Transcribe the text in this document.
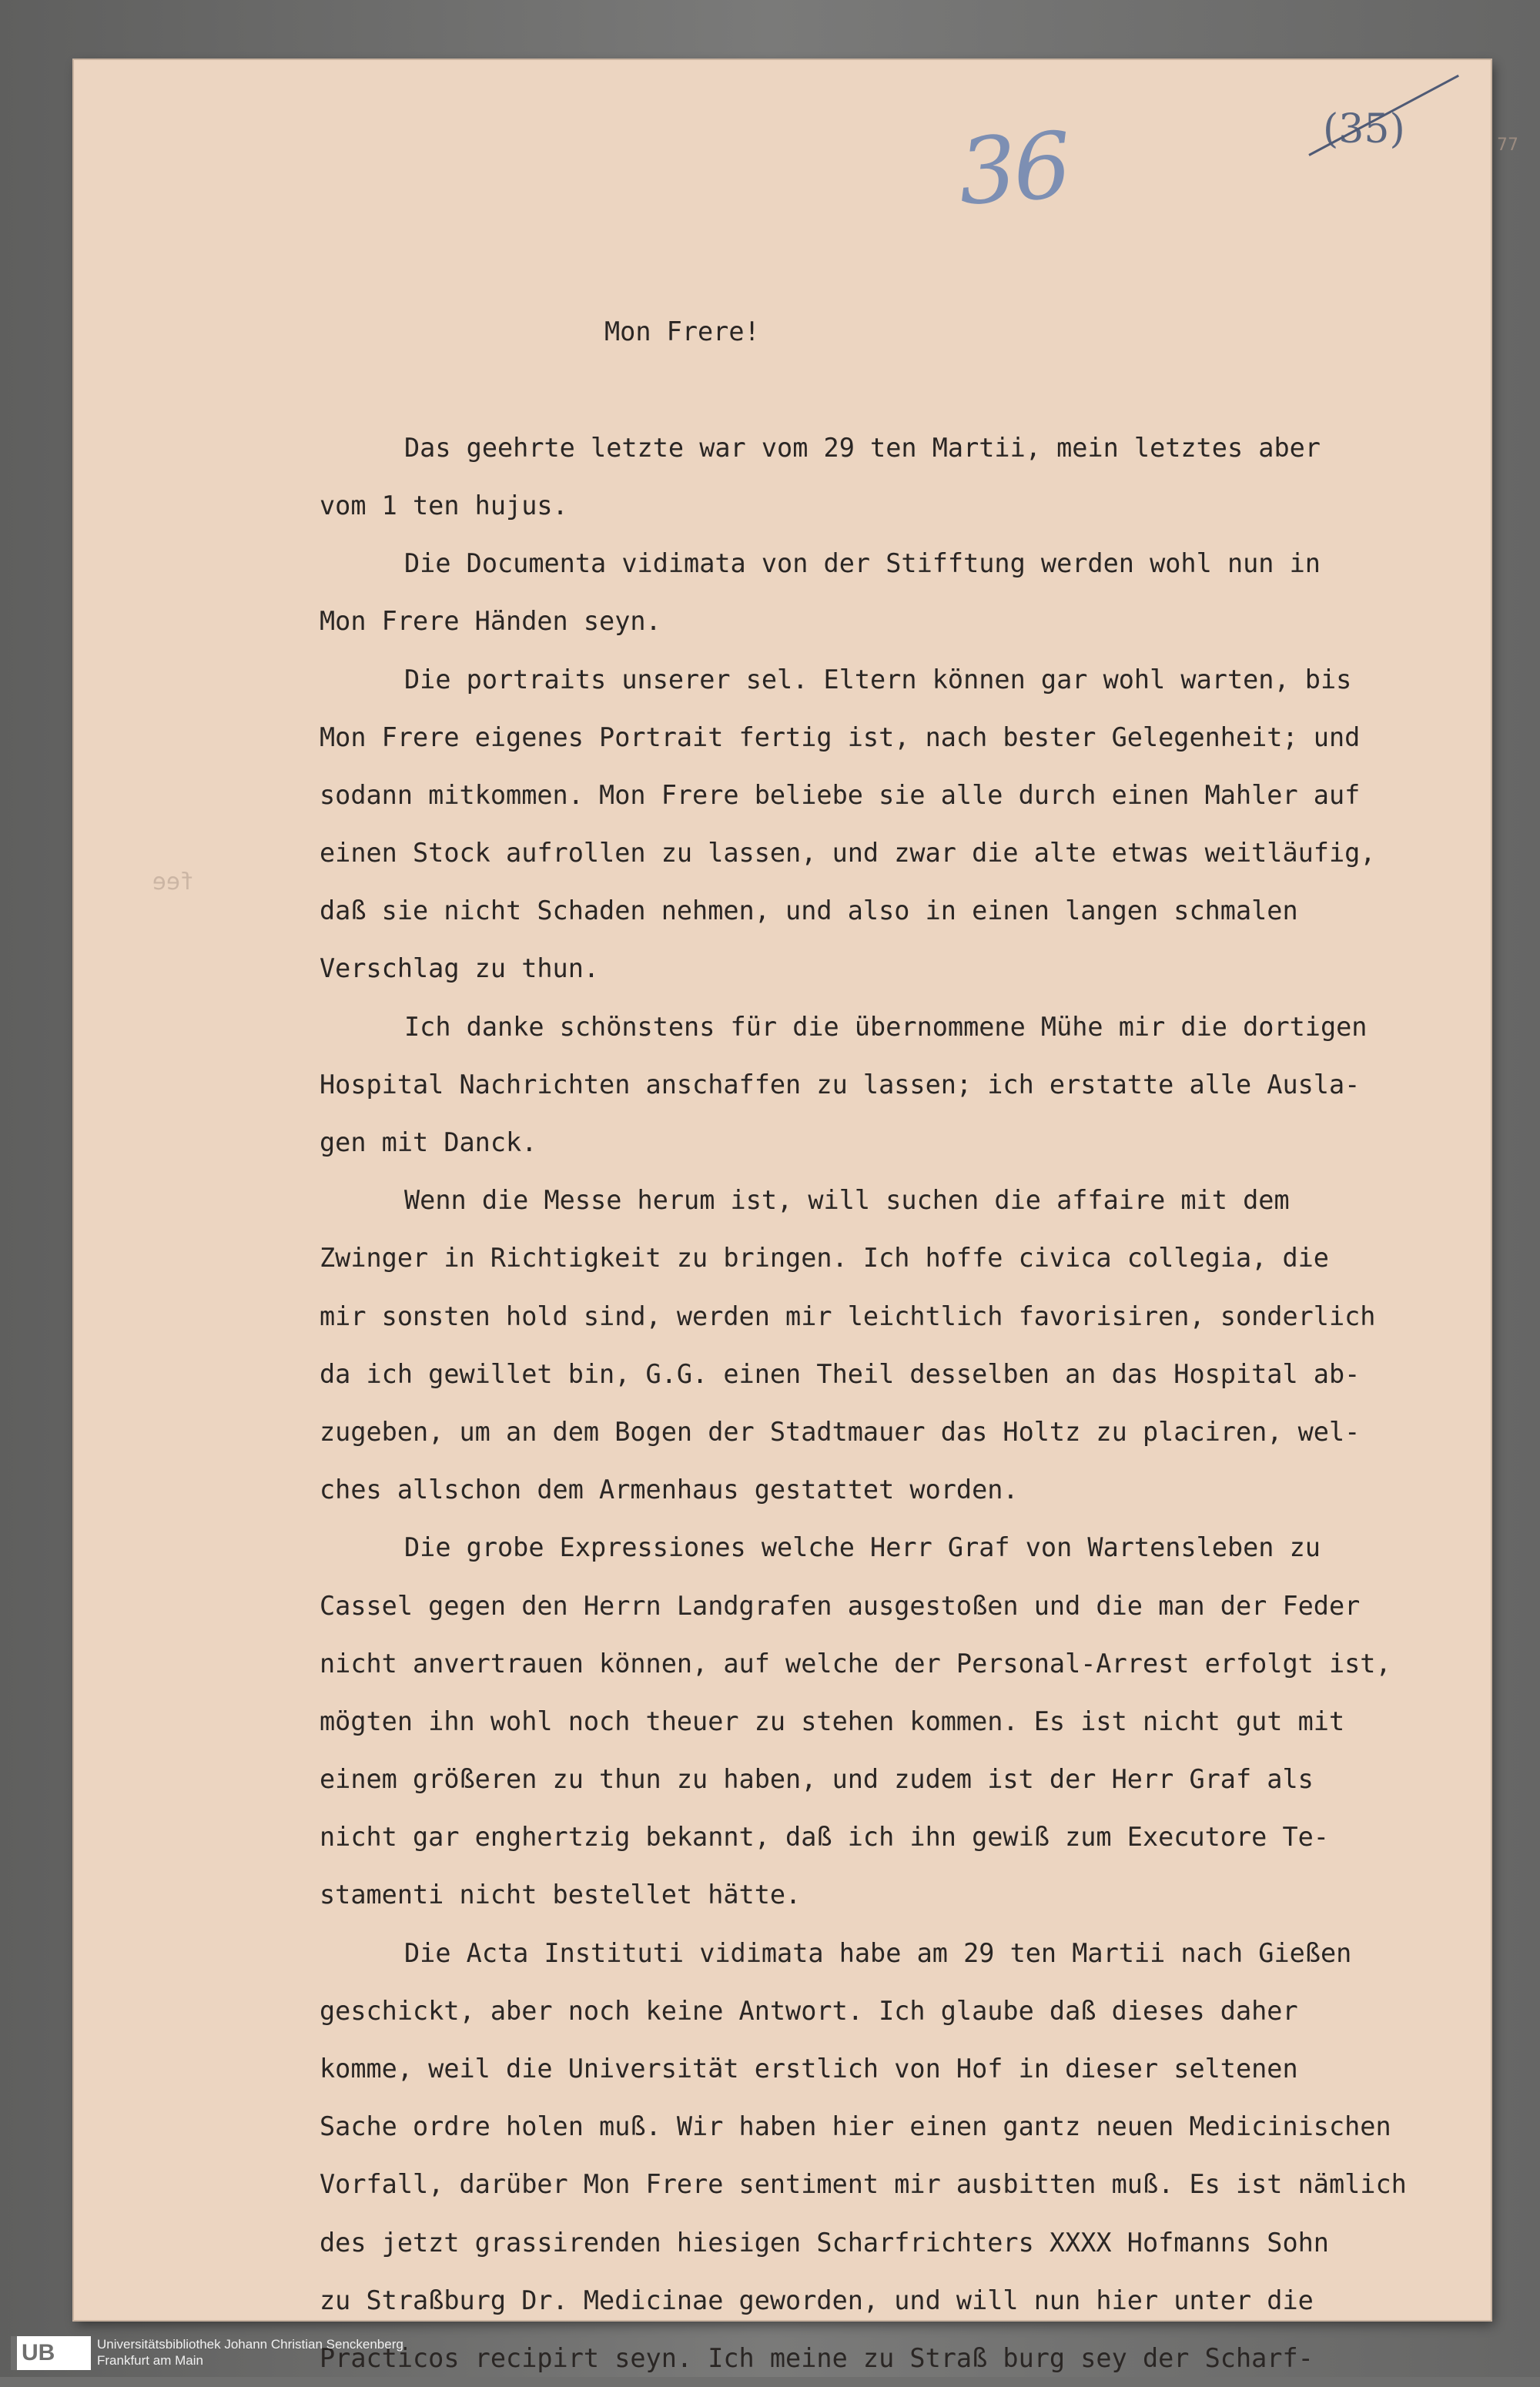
77
fee
36	(35)

Mon Frere!

Das geehrte letzte war vom 29 ten Martii, mein letztes aber
vom 1 ten hujus.
Die Documenta vidimata von der Stifftung werden wohl nun in
Mon Frere Händen seyn.
Die portraits unserer sel. Eltern können gar wohl warten, bis
Mon Frere eigenes Portrait fertig ist, nach bester Gelegenheit; und
sodann mitkommen. Mon Frere beliebe sie alle durch einen Mahler auf
einen Stock aufrollen zu lassen, und zwar die alte etwas weitläufig,
daß sie nicht Schaden nehmen, und also in einen langen schmalen
Verschlag zu thun.
Ich danke schönstens für die übernommene Mühe mir die dortigen
Hospital Nachrichten anschaffen zu lassen; ich erstatte alle Ausla-
gen mit Danck.
Wenn die Messe herum ist, will suchen die affaire mit dem
Zwinger in Richtigkeit zu bringen. Ich hoffe civica collegia, die
mir sonsten hold sind, werden mir leichtlich favorisiren, sonderlich
da ich gewillet bin, G.G. einen Theil desselben an das Hospital ab-
zugeben, um an dem Bogen der Stadtmauer das Holtz zu placiren, wel-
ches allschon dem Armenhaus gestattet worden.
Die grobe Expressiones welche Herr Graf von Wartensleben zu
Cassel gegen den Herrn Landgrafen ausgestoßen und die man der Feder
nicht anvertrauen können, auf welche der Personal-Arrest erfolgt ist,
mögten ihn wohl noch theuer zu stehen kommen. Es ist nicht gut mit
einem größeren zu thun zu haben, und zudem ist der Herr Graf als
nicht gar enghertzig bekannt, daß ich ihn gewiß zum Executore Te-
stamenti nicht bestellet hätte.
Die Acta Instituti vidimata habe am 29 ten Martii nach Gießen
geschickt, aber noch keine Antwort. Ich glaube daß dieses daher
komme, weil die Universität erstlich von Hof in dieser seltenen
Sache ordre holen muß. Wir haben hier einen gantz neuen Medicinischen
Vorfall, darüber Mon Frere sentiment mir ausbitten muß. Es ist nämlich
des jetzt grassirenden hiesigen Scharfrichters XXXX Hofmanns Sohn
zu Straßburg Dr. Medicinae geworden, und will nun hier unter die
Practicos recipirt seyn. Ich meine zu Straß burg sey der Scharf-
UB	Universitätsbibliothek Johann Christian Senckenberg
Frankfurt am Main
